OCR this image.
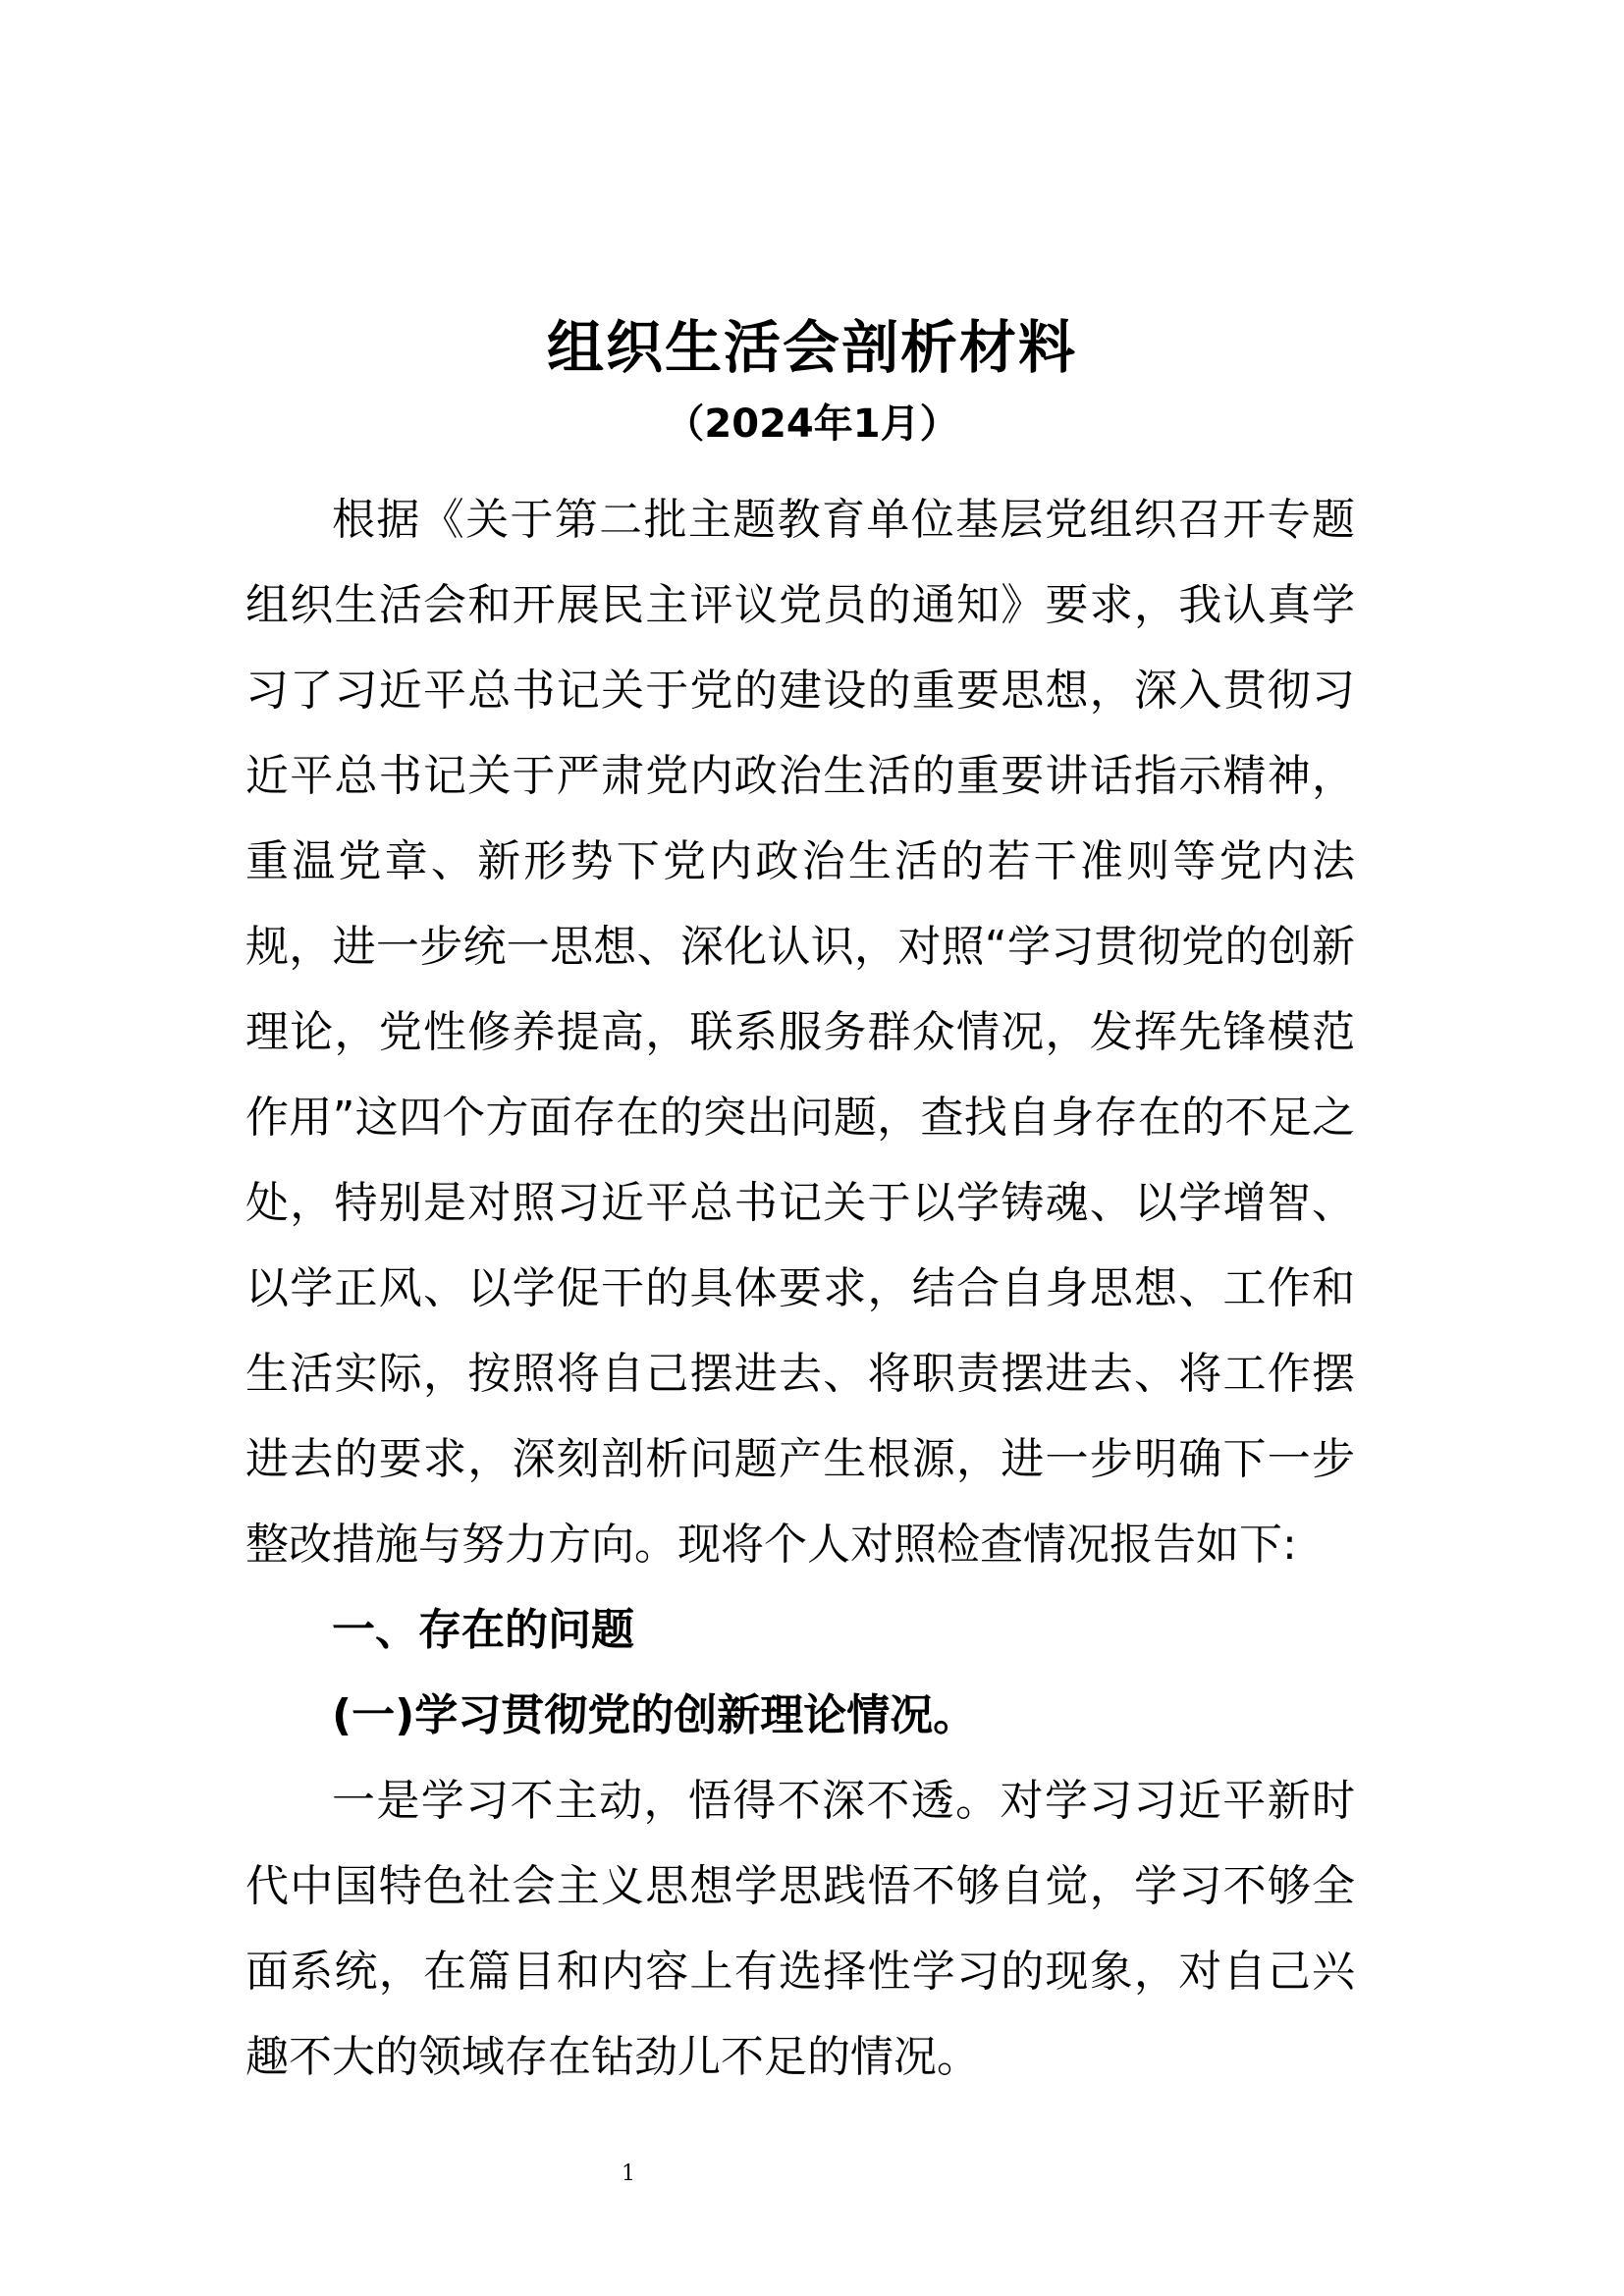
组织生活会剖析材料
（2024年1月）

根据《关于第二批主题教育单位基层党组织召开专题组织生活会和开展民主评议党员的通知》要求，我认真学习了习近平总书记关于党的建设的重要思想，深入贯彻习近平总书记关于严肃党内政治生活的重要讲话指示精神，重温党章、新形势下党内政治生活的若干准则等党内法规，进一步统一思想、深化认识，对照“学习贯彻党的创新理论，党性修养提高，联系服务群众情况，发挥先锋模范作用”这四个方面存在的突出问题，查找自身存在的不足之处，特别是对照习近平总书记关于以学铸魂、以学增智、以学正风、以学促干的具体要求，结合自身思想、工作和生活实际，按照将自己摆进去、将职责摆进去、将工作摆进去的要求，深刻剖析问题产生根源，进一步明确下一步整改措施与努力方向。现将个人对照检查情况报告如下:

一、存在的问题

(一)学习贯彻党的创新理论情况。

一是学习不主动，悟得不深不透。对学习习近平新时代中国特色社会主义思想学思践悟不够自觉，学习不够全面系统，在篇目和内容上有选择性学习的现象，对自己兴趣不大的领域存在钻劲儿不足的情况。

1
